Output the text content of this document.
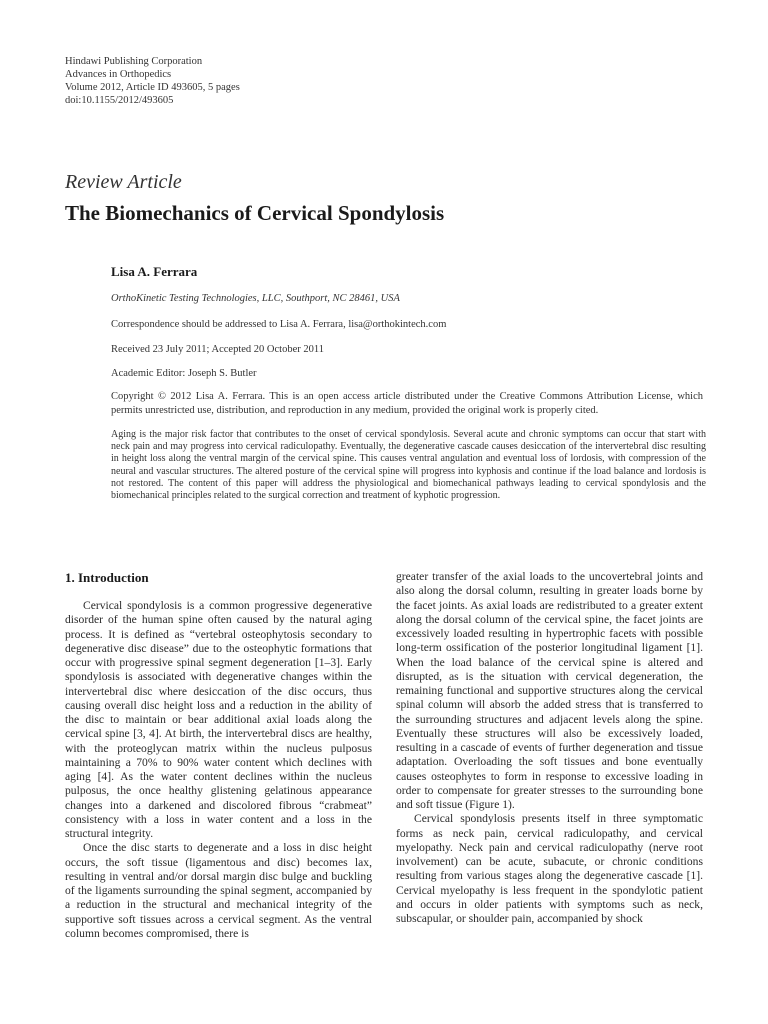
Hindawi Publishing Corporation
Advances in Orthopedics
Volume 2012, Article ID 493605, 5 pages
doi:10.1155/2012/493605
Review Article
The Biomechanics of Cervical Spondylosis
Lisa A. Ferrara
OrthoKinetic Testing Technologies, LLC, Southport, NC 28461, USA
Correspondence should be addressed to Lisa A. Ferrara, lisa@orthokintech.com
Received 23 July 2011; Accepted 20 October 2011
Academic Editor: Joseph S. Butler
Copyright © 2012 Lisa A. Ferrara. This is an open access article distributed under the Creative Commons Attribution License, which permits unrestricted use, distribution, and reproduction in any medium, provided the original work is properly cited.
Aging is the major risk factor that contributes to the onset of cervical spondylosis. Several acute and chronic symptoms can occur that start with neck pain and may progress into cervical radiculopathy. Eventually, the degenerative cascade causes desiccation of the intervertebral disc resulting in height loss along the ventral margin of the cervical spine. This causes ventral angulation and eventual loss of lordosis, with compression of the neural and vascular structures. The altered posture of the cervical spine will progress into kyphosis and continue if the load balance and lordosis is not restored. The content of this paper will address the physiological and biomechanical pathways leading to cervical spondylosis and the biomechanical principles related to the surgical correction and treatment of kyphotic progression.
1. Introduction

Cervical spondylosis is a common progressive degenerative disorder of the human spine often caused by the natural aging process. It is defined as “vertebral osteophytosis secondary to degenerative disc disease” due to the osteophytic formations that occur with progressive spinal segment degeneration [1–3]. Early spondylosis is associated with degenerative changes within the intervertebral disc where desiccation of the disc occurs, thus causing overall disc height loss and a reduction in the ability of the disc to maintain or bear additional axial loads along the cervical spine [3, 4]. At birth, the intervertebral discs are healthy, with the proteoglycan matrix within the nucleus pulposus maintaining a 70% to 90% water content which declines with aging [4]. As the water content declines within the nucleus pulposus, the once healthy glistening gelatinous appearance changes into a darkened and discolored fibrous “crabmeat” consistency with a loss in water content and a loss in the structural integrity.

Once the disc starts to degenerate and a loss in disc height occurs, the soft tissue (ligamentous and disc) becomes lax, resulting in ventral and/or dorsal margin disc bulge and buckling of the ligaments surrounding the spinal segment, accompanied by a reduction in the structural and mechanical integrity of the supportive soft tissues across a cervical segment. As the ventral column becomes compromised, there is

greater transfer of the axial loads to the uncovertebral joints and also along the dorsal column, resulting in greater loads borne by the facet joints. As axial loads are redistributed to a greater extent along the dorsal column of the cervical spine, the facet joints are excessively loaded resulting in hypertrophic facets with possible long-term ossification of the posterior longitudinal ligament [1]. When the load balance of the cervical spine is altered and disrupted, as is the situation with cervical degeneration, the remaining functional and supportive structures along the cervical spinal column will absorb the added stress that is transferred to the surrounding structures and adjacent levels along the spine. Eventually these structures will also be excessively loaded, resulting in a cascade of events of further degeneration and tissue adaptation. Overloading the soft tissues and bone eventually causes osteophytes to form in response to excessive loading in order to compensate for greater stresses to the surrounding bone and soft tissue (Figure 1).

Cervical spondylosis presents itself in three symptomatic forms as neck pain, cervical radiculopathy, and cervical myelopathy. Neck pain and cervical radiculopathy (nerve root involvement) can be acute, subacute, or chronic conditions resulting from various stages along the degenerative cascade [1]. Cervical myelopathy is less frequent in the spondylotic patient and occurs in older patients with symptoms such as neck, subscapular, or shoulder pain, accompanied by shock
